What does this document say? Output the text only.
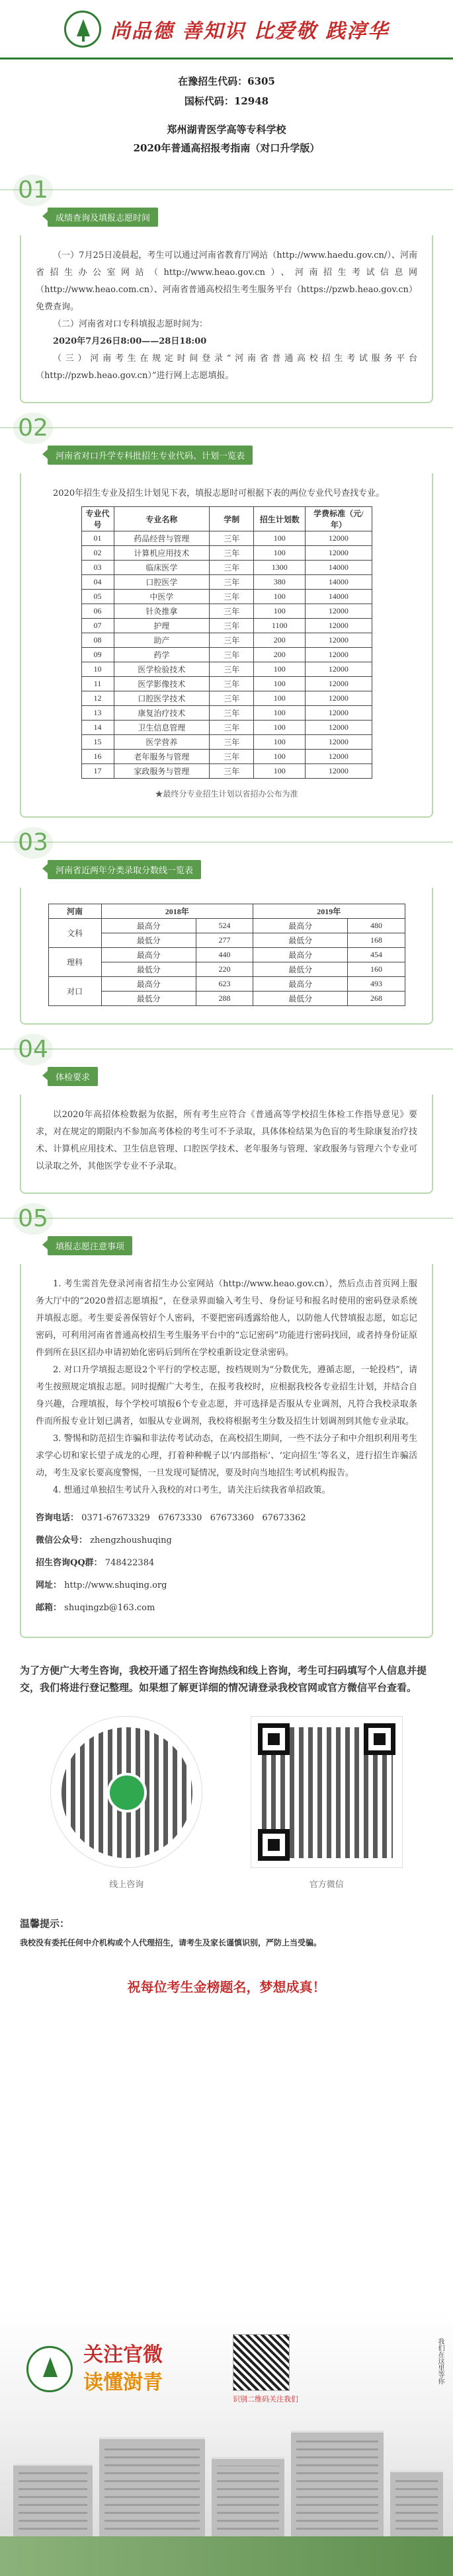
尚品德 善知识 比爱敬 践淳华

在豫招生代码：6305

国标代码：12948

郑州湖青医学高等专科学校

2020年普通高招报考指南（对口升学版）

01
成绩查询及填报志愿时间

（一）7月25日凌晨起，考生可以通过河南省教育厅网站（http://www.haedu.gov.cn/）、河南省招生办公室网站（http://www.heao.gov.cn）、河南招生考试信息网（http://www.heao.com.cn）、河南省普通高校招生考生服务平台（https://pzwb.heao.gov.cn）免费查询。

（二）河南省对口专科填报志愿时间为：

2020年7月26日8:00——28日18:00

（三）河南考生在规定时间登录“河南省普通高校招生考试服务平台（http://pzwb.heao.gov.cn）”进行网上志愿填报。

02
河南省对口升学专科批招生专业代码、计划一览表

2020年招生专业及招生计划见下表，填报志愿时可根据下表的两位专业代号查找专业。

专业代号	专业名称	学制	招生计划数	学费标准（元/年）
01	药品经营与管理	三年	100	12000
02	计算机应用技术	三年	100	12000
03	临床医学	三年	1300	14000
04	口腔医学	三年	380	14000
05	中医学	三年	100	14000
06	针灸推拿	三年	100	12000
07	护理	三年	1100	12000
08	助产	三年	200	12000
09	药学	三年	200	12000
10	医学检验技术	三年	100	12000
11	医学影像技术	三年	100	12000
12	口腔医学技术	三年	100	12000
13	康复治疗技术	三年	100	12000
14	卫生信息管理	三年	100	12000
15	医学营养	三年	100	12000
16	老年服务与管理	三年	100	12000
17	家政服务与管理	三年	100	12000

★最终分专业招生计划以省招办公布为准

03
河南省近两年分类录取分数线一览表
河南	2018年		2019年	
文科	最高分	524	最高分	480
	最低分	277	最低分	168
理科	最高分	440	最高分	454
	最低分	220	最低分	160
对口	最高分	623	最高分	493
	最低分	288	最低分	268
04
体检要求

以2020年高招体检数据为依据，所有考生应符合《普通高等学校招生体检工作指导意见》要求，对在规定的期限内不参加高考体检的考生可不予录取，具体体检结果为色盲的考生除康复治疗技术、计算机应用技术、卫生信息管理、口腔医学技术、老年服务与管理、家政服务与管理六个专业可以录取之外，其他医学专业不予录取。

05
填报志愿注意事项

1. 考生需首先登录河南省招生办公室网站（http://www.heao.gov.cn），然后点击首页网上服务大厅中的“2020普招志愿填报”，在登录界面输入考生号、身份证号和报名时使用的密码登录系统并填报志愿。考生要妥善保管好个人密码，不要把密码透露给他人，以防他人代替填报志愿，如忘记密码，可利用河南省普通高校招生考生服务平台中的“忘记密码”功能进行密码找回，或者持身份证原件到所在县区招办申请初始化密码后到所在学校重新设定登录密码。

2. 对口升学填报志愿设2个平行的学校志愿，按档规则为“分数优先，遵循志愿，一轮投档”，请考生按照规定填报志愿。同时提醒广大考生，在报考我校时，应根据我校各专业招生计划，并结合自身兴趣，合理填报，每个学校可填报6个专业志愿，并可选择是否服从专业调剂，凡符合我校录取条件而所报专业计划已满者，如服从专业调剂，我校将根据考生分数及招生计划调剂到其他专业录取。

3. 警惕和防范招生诈骗和非法传考试动态，在高校招生期间，一些不法分子和中介组织利用考生求学心切和家长望子成龙的心理，打着种种幌子以‘内部指标’、‘定向招生’等名义，进行招生诈骗活动，考生及家长要高度警惕，一旦发现可疑情况，要及时向当地招生考试机构报告。

4. 想通过单独招生考试升入我校的对口考生，请关注后续我省单招政策。

咨询电话： 0371-67673329 67673330 67673360 67673362

微信公众号： zhengzhoushuqing

招生咨询QQ群： 748422384

网址： http://www.shuqing.org

邮箱： shuqingzb@163.com

为了方便广大考生咨询，我校开通了招生咨询热线和线上咨询，考生可扫码填写个人信息并提交，我们将进行登记整理。如果想了解更详细的情况请登录我校官网或官方微信平台查看。

线上咨询	官方微信
温馨提示：

我校没有委托任何中介机构或个人代理招生，请考生及家长谨慎识别，严防上当受骗。

祝每位考生金榜题名，梦想成真！

关注官微
读懂澍青
识别二维码关注我们
我们在这里等你
